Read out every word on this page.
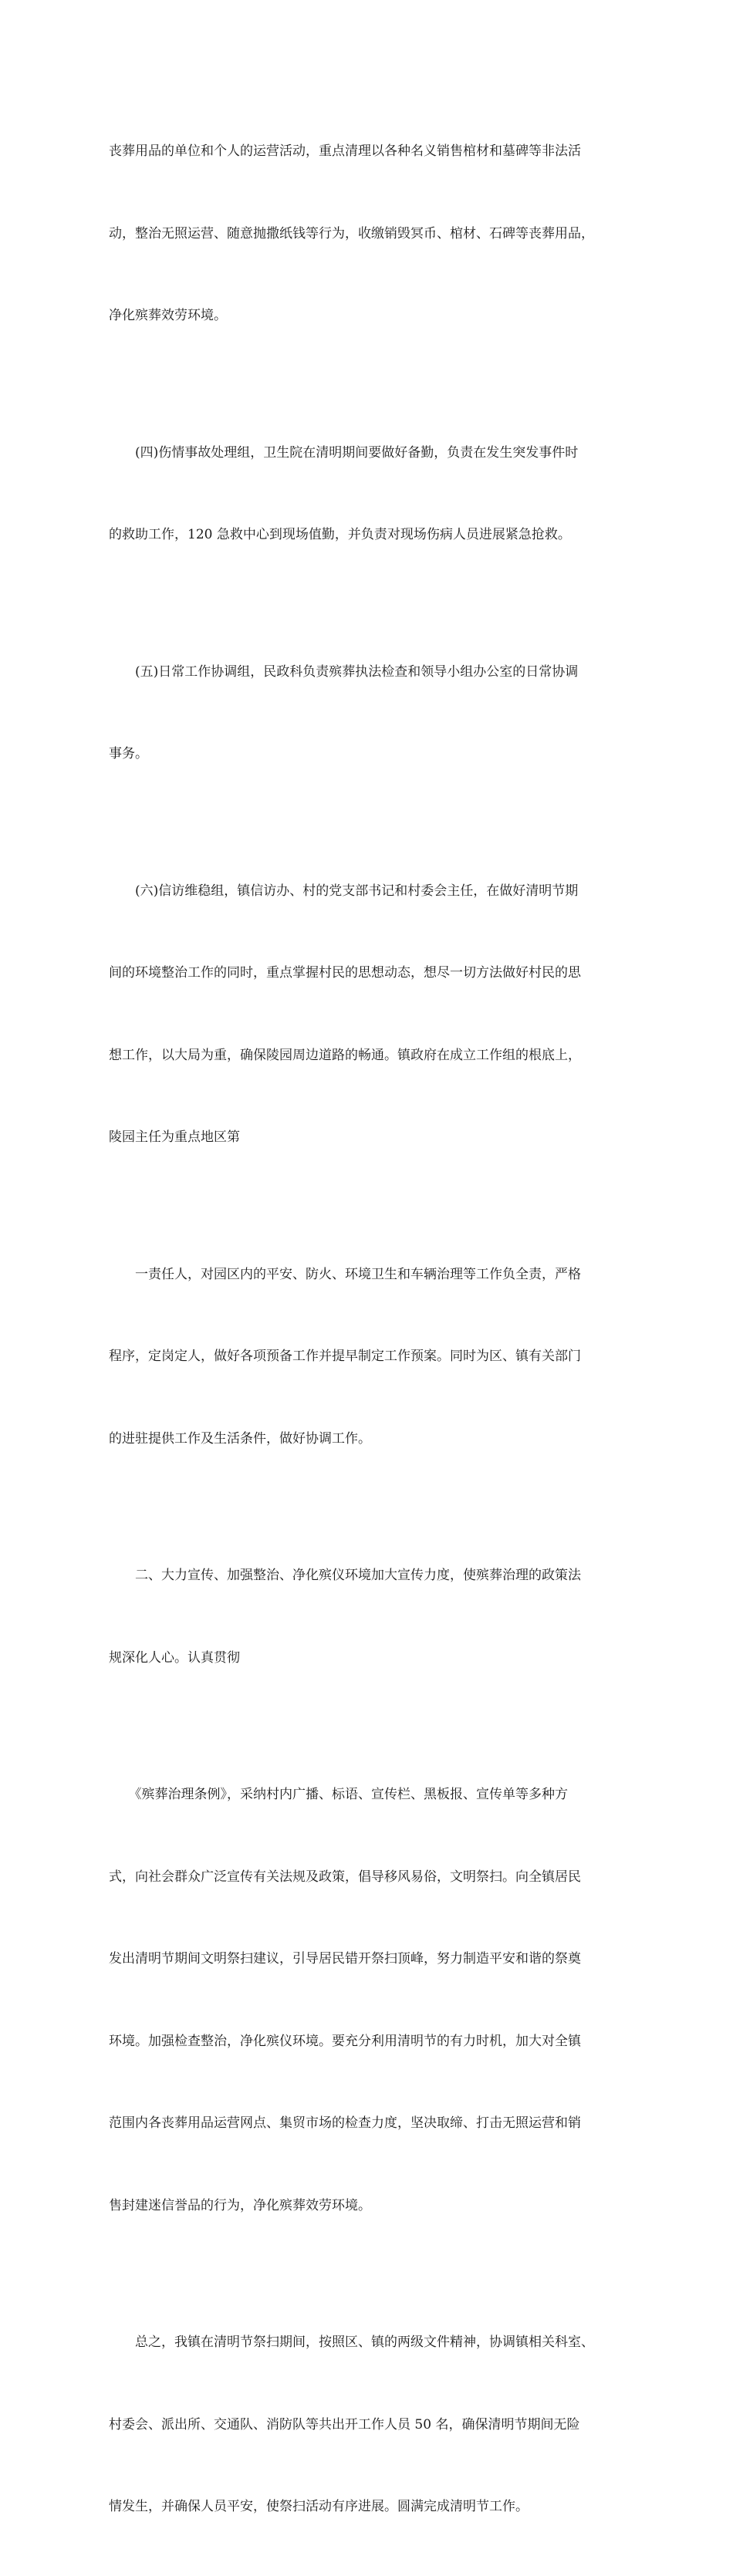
丧葬用品的单位和个人的运营活动，重点清理以各种名义销售棺材和墓碑等非法活

动，整治无照运营、随意抛撒纸钱等行为，收缴销毁冥币、棺材、石碑等丧葬用品，

净化殡葬效劳环境。

　　(四)伤情事故处理组，卫生院在清明期间要做好备勤，负责在发生突发事件时

的救助工作，120 急救中心到现场值勤，并负责对现场伤病人员进展紧急抢救。

　　(五)日常工作协调组，民政科负责殡葬执法检查和领导小组办公室的日常协调

事务。

　　(六)信访维稳组，镇信访办、村的党支部书记和村委会主任，在做好清明节期

间的环境整治工作的同时，重点掌握村民的思想动态，想尽一切方法做好村民的思

想工作，以大局为重，确保陵园周边道路的畅通。镇政府在成立工作组的根底上，

陵园主任为重点地区第

　　一责任人，对园区内的平安、防火、环境卫生和车辆治理等工作负全责，严格

程序，定岗定人，做好各项预备工作并提早制定工作预案。同时为区、镇有关部门

的进驻提供工作及生活条件，做好协调工作。

　　二、大力宣传、加强整治、净化殡仪环境加大宣传力度，使殡葬治理的政策法

规深化人心。认真贯彻

　　《殡葬治理条例》，采纳村内广播、标语、宣传栏、黑板报、宣传单等多种方

式，向社会群众广泛宣传有关法规及政策，倡导移风易俗，文明祭扫。向全镇居民

发出清明节期间文明祭扫建议，引导居民错开祭扫顶峰，努力制造平安和谐的祭奠

环境。加强检查整治，净化殡仪环境。要充分利用清明节的有力时机，加大对全镇

范围内各丧葬用品运营网点、集贸市场的检查力度，坚决取缔、打击无照运营和销

售封建迷信誉品的行为，净化殡葬效劳环境。

　　总之，我镇在清明节祭扫期间，按照区、镇的两级文件精神，协调镇相关科室、

村委会、派出所、交通队、消防队等共出开工作人员 50 名，确保清明节期间无险

情发生，并确保人员平安，使祭扫活动有序进展。圆满完成清明节工作。
